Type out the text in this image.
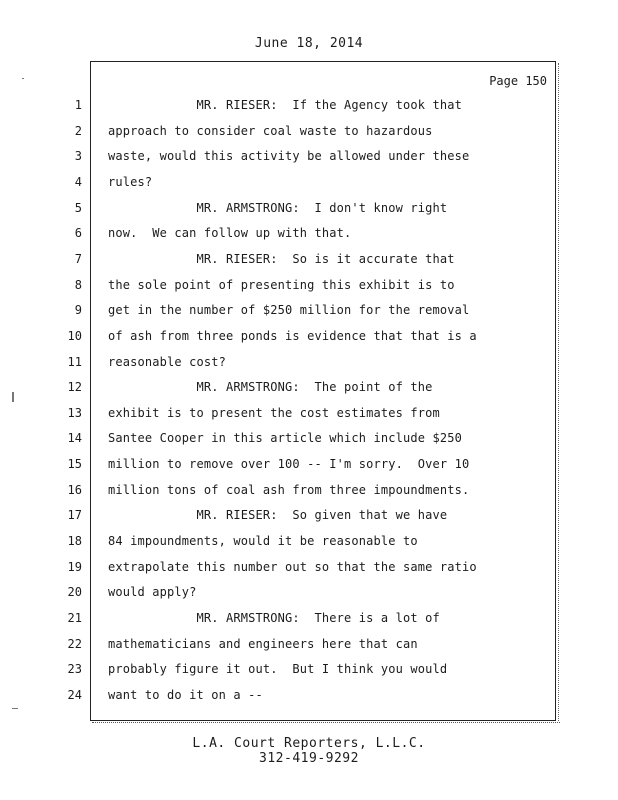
June 18, 2014
Page 150
1 MR. RIESER:  If the Agency took that
2 approach to consider coal waste to hazardous
3 waste, would this activity be allowed under these
4 rules?
5 MR. ARMSTRONG:  I don't know right
6 now.  We can follow up with that.
7 MR. RIESER:  So is it accurate that
8 the sole point of presenting this exhibit is to
9 get in the number of $250 million for the removal
10 of ash from three ponds is evidence that that is a
11 reasonable cost?
12 MR. ARMSTRONG:  The point of the
13 exhibit is to present the cost estimates from
14 Santee Cooper in this article which include $250
15 million to remove over 100 -- I'm sorry.  Over 10
16 million tons of coal ash from three impoundments.
17 MR. RIESER:  So given that we have
18 84 impoundments, would it be reasonable to
19 extrapolate this number out so that the same ratio
20 would apply?
21 MR. ARMSTRONG:  There is a lot of
22 mathematicians and engineers here that can
23 probably figure it out.  But I think you would
24 want to do it on a --
L.A. Court Reporters, L.L.C.
312-419-9292
